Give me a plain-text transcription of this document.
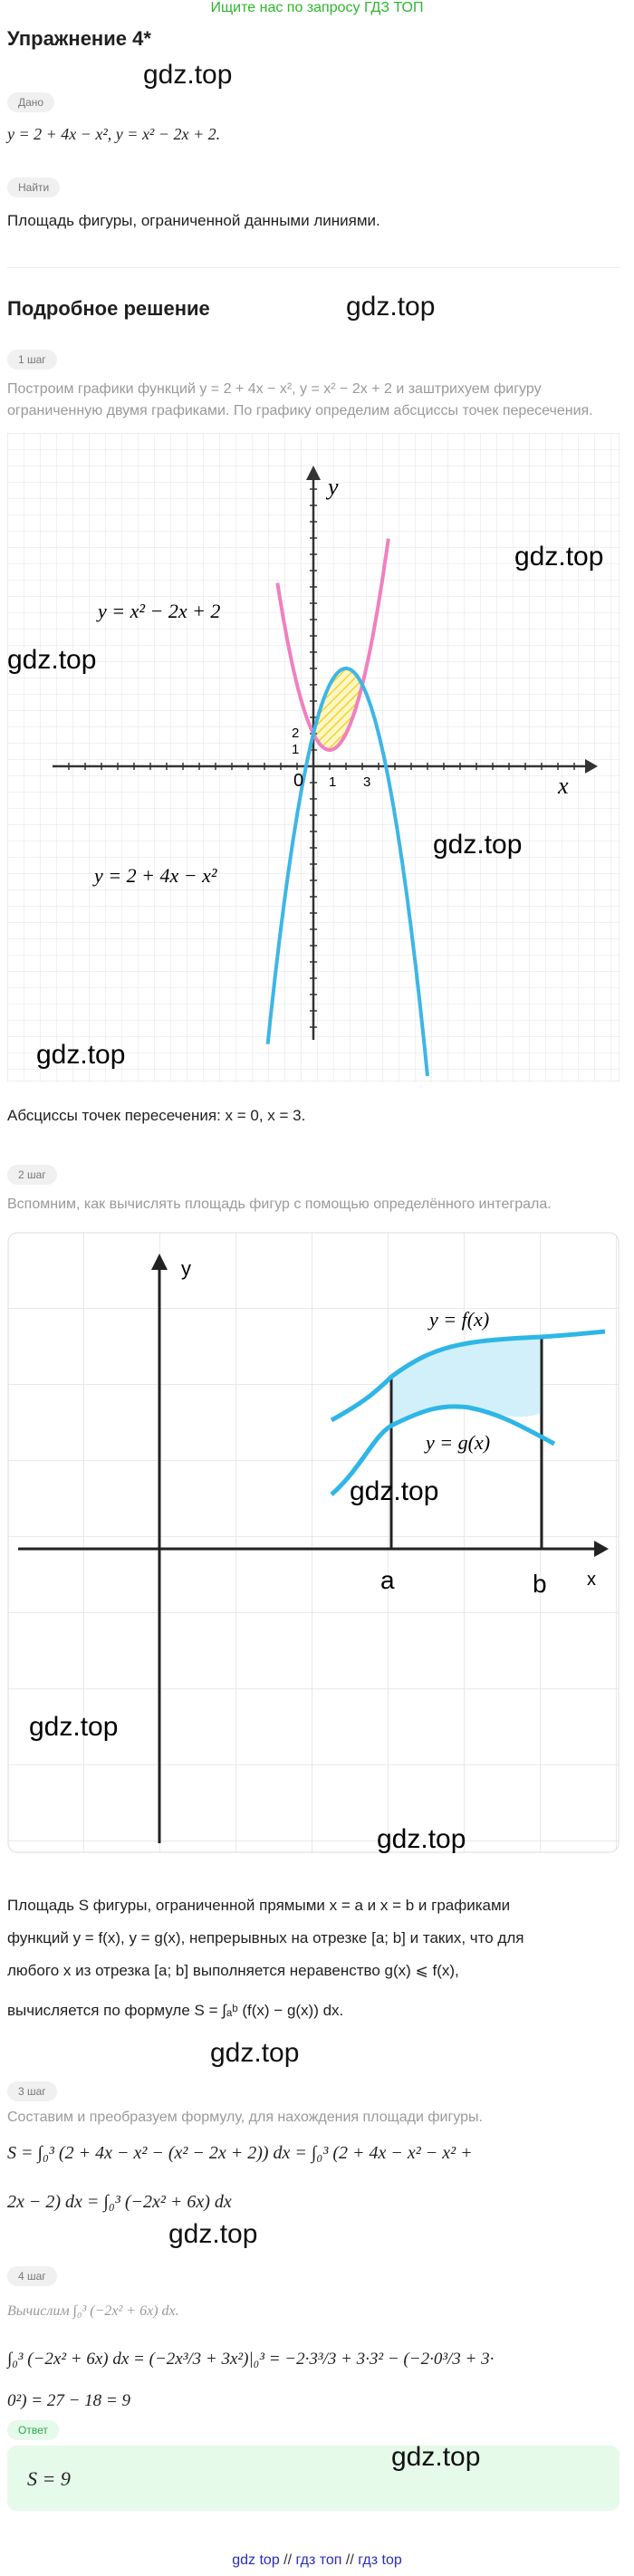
Ищите нас по запросу ГДЗ ТОП
Упражнение 4*
gdz.top
Дано
y = 2 + 4x − x², y = x² − 2x + 2.
Найти
Площадь фигуры, ограниченной данными линиями.
Подробное решение	gdz.top
1 шаг
Построим графики функций y = 2 + 4x − x², y = x² − 2x + 2 и заштрихуем фигуру ограниченную двумя графиками. По графику определим абсциссы точек пересечения.
y
x
0 1 3
1
2
y = x² − 2x + 2
y = 2 + 4x − x²
gdz.top
gdz.top
gdz.top
gdz.top
Абсциссы точек пересечения: x = 0, x = 3.
2 шаг
Вспомним, как вычислять площадь фигур с помощью определённого интеграла.
y
x
a	b
y = f(x)
y = g(x)
gdz.top
gdz.top
gdz.top
Площадь S фигуры, ограниченной прямыми x = a и x = b и графиками
функций y = f(x), y = g(x), непрерывных на отрезке [a; b] и таких, что для
любого x из отрезка [a; b] выполняется неравенство g(x) ⩽ f(x),
вычисляется по формуле S = ∫ₐᵇ (f(x) − g(x)) dx.
gdz.top
3 шаг
Составим и преобразуем формулу, для нахождения площади фигуры.
S = ∫₀³ (2 + 4x − x² − (x² − 2x + 2)) dx = ∫₀³ (2 + 4x − x² − x² +
2x − 2) dx = ∫₀³ (−2x² + 6x) dx
gdz.top
4 шаг
Вычислим ∫₀³ (−2x² + 6x) dx.
∫₀³ (−2x² + 6x) dx = (−2x³/3 + 3x²)|₀³ = −2·3³/3 + 3·3² − (−2·0³/3 + 3·
0²) = 27 − 18 = 9
Ответ
S = 9
gdz.top
gdz top // гдз топ // гдз top
